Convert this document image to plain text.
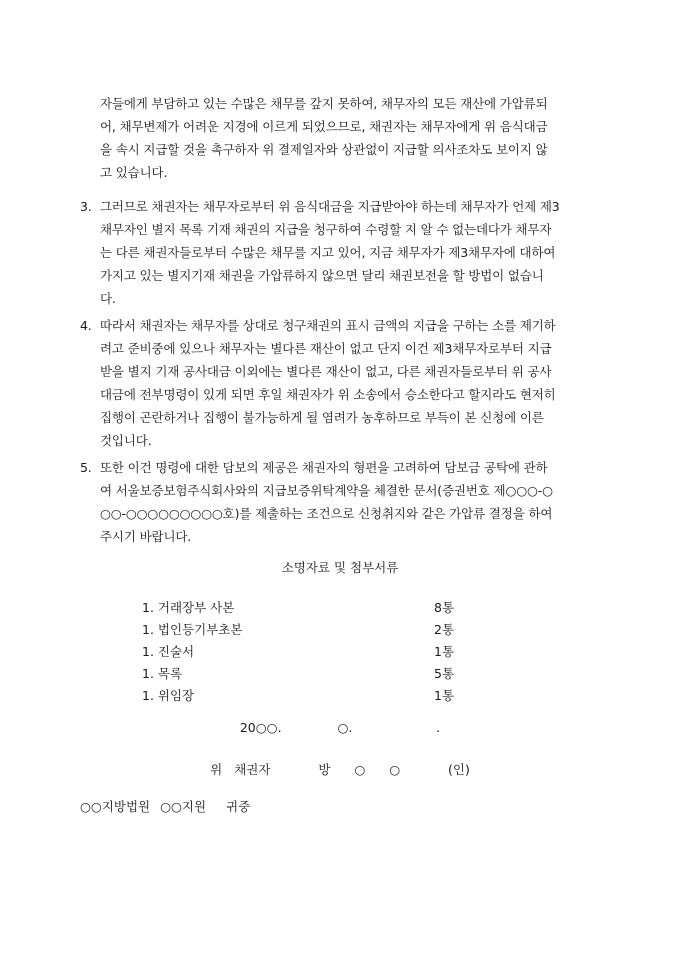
자들에게 부담하고 있는 수많은 채무를 갚지 못하여, 채무자의 모든 재산에 가압류되
어, 채무변제가 어려운 지경에 이르게 되었으므로, 채권자는 채무자에게 위 음식대금
을 속시 지급할 것을 촉구하자 위 결제일자와 상관없이 지급할 의사조차도 보이지 않
고 있습니다.
3. 그러므로 채권자는 채무자로부터 위 음식대금을 지급받아야 하는데 채무자가 언제 제3
채무자인 별지 목록 기재 채권의 지급을 청구하여 수령할 지 알 수 없는데다가 채무자
는 다른 채권자들로부터 수많은 채무를 지고 있어, 지금 채무자가 제3채무자에 대하여
가지고 있는 별지기재 채권을 가압류하지 않으면 달리 채권보전을 할 방법이 없습니
다.
4. 따라서 채권자는 채무자를 상대로 청구채권의 표시 금액의 지급을 구하는 소를 제기하
려고 준비중에 있으나 채무자는 별다른 재산이 없고 단지 이건 제3채무자로부터 지급
받을 별지 기재 공사대금 이외에는 별다른 재산이 없고, 다른 채권자들로부터 위 공사
대금에 전부명령이 있게 되면 후일 채권자가 위 소송에서 승소한다고 할지라도 현저히
집행이 곤란하거나 집행이 불가능하게 될 염려가 농후하므로 부득이 본 신청에 이른
것입니다.
5. 또한 이건 명령에 대한 담보의 제공은 채권자의 형편을 고려하여 담보금 공탁에 관하
여 서울보증보험주식회사와의 지급보증위탁계약을 체결한 문서(증권번호 제○○○-○
○○-○○○○○○○○○호)를 제출하는 조건으로 신청취지와 같은 가압류 결정을 하여
주시기 바랍니다.
소명자료 및 첨부서류
1. 거래장부 사본	8통
1. 법인등기부초본	2통
1. 진술서	1통
1. 목록	5통
1. 위임장	1통
20○○.    ○.      .
위 채권자    방  ○  ○    (인)
○○지방법원 ○○지원  귀중
